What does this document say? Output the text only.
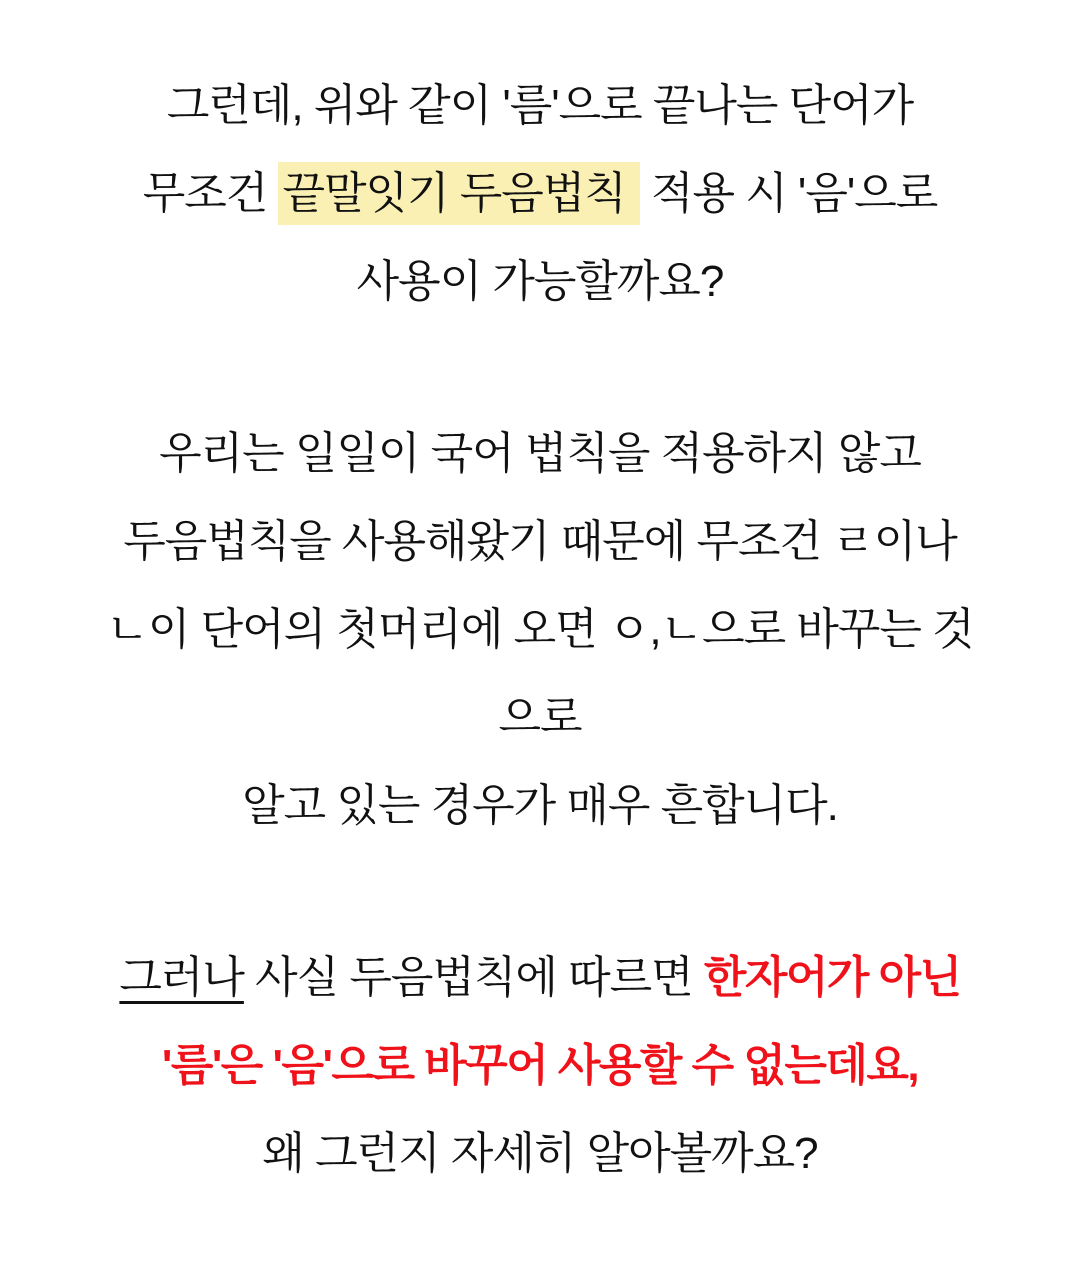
그런데, 위와 같이 '름'으로 끝나는 단어가
무조건 끝말잇기 두음법칙 적용 시 '음'으로
사용이 가능할까요?
우리는 일일이 국어 법칙을 적용하지 않고
두음법칙을 사용해왔기 때문에 무조건 ㄹ이나
ㄴ이 단어의 첫머리에 오면 ㅇ,ㄴ으로 바꾸는 것
으로
알고 있는 경우가 매우 흔합니다.
그러나 사실 두음법칙에 따르면 한자어가 아닌
'름'은 '음'으로 바꾸어 사용할 수 없는데요,
왜 그런지 자세히 알아볼까요?
